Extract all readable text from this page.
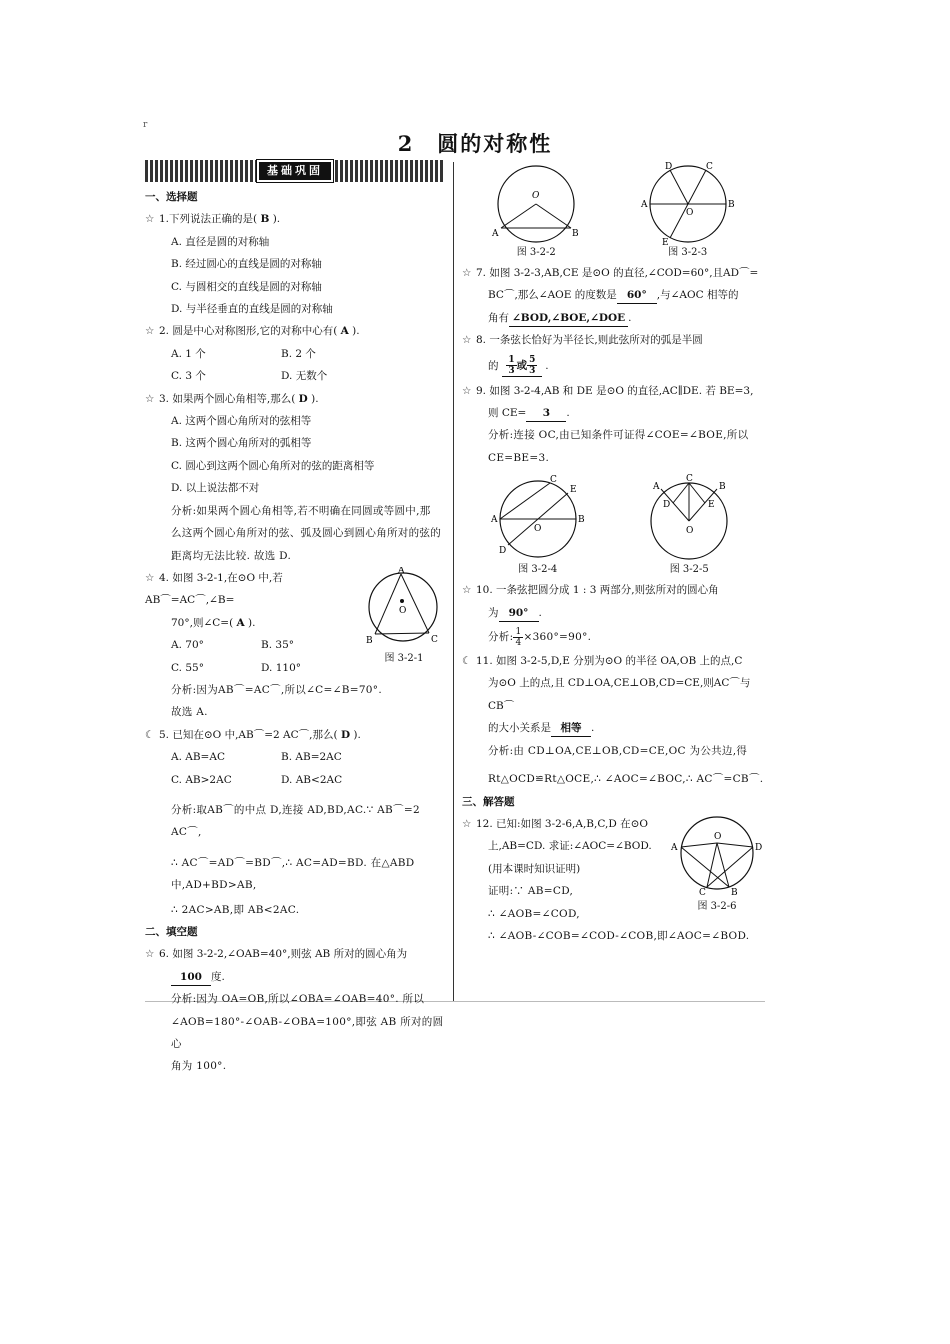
r
2　圆的对称性
基础巩固
一、选择题
☆ 1.下列说法正确的是( B ).
A. 直径是圆的对称轴
B. 经过圆心的直线是圆的对称轴
C. 与圆相交的直线是圆的对称轴
D. 与半径垂直的直线是圆的对称轴
☆ 2. 圆是中心对称图形,它的对称中心有( A ).
A. 1 个	B. 2 个
C. 3 个	D. 无数个
☆ 3. 如果两个圆心角相等,那么( D ).
A. 这两个圆心角所对的弦相等
B. 这两个圆心角所对的弧相等
C. 圆心到这两个圆心角所对的弦的距离相等
D. 以上说法都不对
分析:如果两个圆心角相等,若不明确在同圆或等圆中,那
么这两个圆心角所对的弦、弧及圆心到圆心角所对的弦的
距离均无法比较. 故选 D.
A
B	C
O
图 3-2-1
☆ 4. 如图 3-2-1,在⊙O 中,若AB⌒=AC⌒,∠B=
70°,则∠C=( A ).
A. 70°	B. 35°
C. 55°	D. 110°
分析:因为AB⌒=AC⌒,所以∠C=∠B=70°.
故选 A.
☾ 5. 已知在⊙O 中,AB⌒=2 AC⌒,那么( D ).
A. AB=AC	B. AB=2AC
C. AB>2AC	D. AB<2AC
分析:取AB⌒的中点 D,连接 AD,BD,AC.∵ AB⌒=2 AC⌒,
∴ AC⌒=AD⌒=BD⌒,∴ AC=AD=BD. 在△ABD 中,AD+BD>AB,
∴ 2AC>AB,即 AB<2AC.
二、填空题
☆ 6. 如图 3-2-2,∠OAB=40°,则弦 AB 所对的圆心角为
100 度.
分析:因为 OA=OB,所以∠OBA=∠OAB=40°. 所以
∠AOB=180°-∠OAB-∠OBA=100°,即弦 AB 所对的圆心
角为 100°.
O
A	B
图 3-2-2
D	C
A
O
B
E
图 3-2-3
☆ 7. 如图 3-2-3,AB,CE 是⊙O 的直径,∠COD=60°,且AD⌒=
BC⌒,那么∠AOE 的度数是 60° ,与∠AOC 相等的
角有 ∠BOD,∠BOE,∠DOE .
☆ 8. 一条弦长恰好为半径长,则此弦所对的弧是半圆
的 $\frac{1}{3}$ 或 $\frac{5}{3}$ .
☆ 9. 如图 3-2-4,AB 和 DE 是⊙O 的直径,AC∥DE. 若 BE=3,
则 CE= 3 .
分析:连接 OC,由已知条件可证得∠COE=∠BOE,所以
CE=BE=3.
C
E
A	B
O
D
图 3-2-4
C
A	B
D	E
O
图 3-2-5
☆ 10. 一条弦把圆分成 1 : 3 两部分,则弦所对的圆心角
为 90° .
分析: $\frac{1}{4} \times 360^\circ=90^\circ$.
☾ 11. 如图 3-2-5,D,E 分别为⊙O 的半径 OA,OB 上的点,C
为⊙O 上的点,且 CD⊥OA,CE⊥OB,CD=CE,则AC⌒与CB⌒
的大小关系是 相等 .
分析:由 CD⊥OA,CE⊥OB,CD=CE,OC 为公共边,得
Rt△OCD≌Rt△OCE,∴ ∠AOC=∠BOC,∴ AC⌒=CB⌒.
三、解答题
A
O
D
C	B
图 3-2-6
☆ 12. 已知:如图 3-2-6,A,B,C,D 在⊙O
上,AB=CD. 求证:∠AOC=∠BOD.
(用本课时知识证明)
证明:∵ AB=CD,
∴ ∠AOB=∠COD,
∴ ∠AOB-∠COB=∠COD-∠COB,即∠AOC=∠BOD.
